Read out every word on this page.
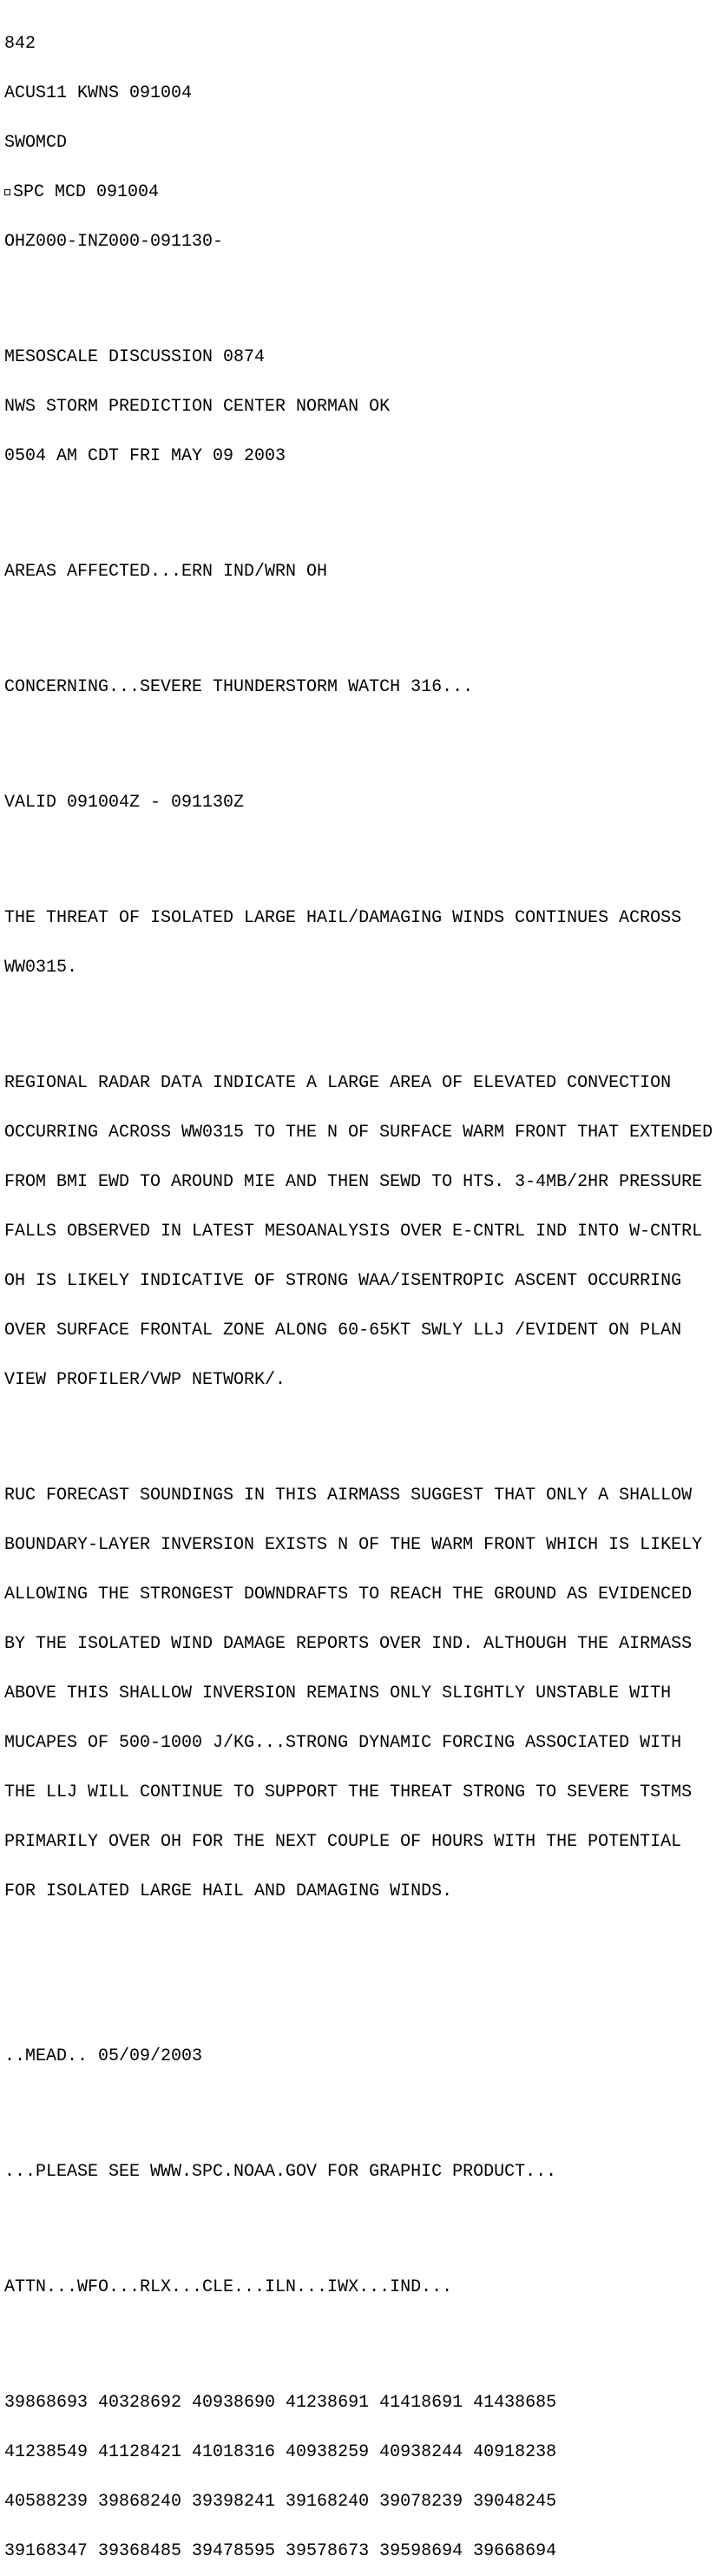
842

ACUS11 KWNS 091004

SWOMCD

SPC MCD 091004

OHZ000-INZ000-091130-

MESOSCALE DISCUSSION 0874

NWS STORM PREDICTION CENTER NORMAN OK

0504 AM CDT FRI MAY 09 2003

AREAS AFFECTED...ERN IND/WRN OH

CONCERNING...SEVERE THUNDERSTORM WATCH 316...

VALID 091004Z - 091130Z

THE THREAT OF ISOLATED LARGE HAIL/DAMAGING WINDS CONTINUES ACROSS

WW0315.

REGIONAL RADAR DATA INDICATE A LARGE AREA OF ELEVATED CONVECTION

OCCURRING ACROSS WW0315 TO THE N OF SURFACE WARM FRONT THAT EXTENDED

FROM BMI EWD TO AROUND MIE AND THEN SEWD TO HTS. 3-4MB/2HR PRESSURE

FALLS OBSERVED IN LATEST MESOANALYSIS OVER E-CNTRL IND INTO W-CNTRL

OH IS LIKELY INDICATIVE OF STRONG WAA/ISENTROPIC ASCENT OCCURRING

OVER SURFACE FRONTAL ZONE ALONG 60-65KT SWLY LLJ /EVIDENT ON PLAN

VIEW PROFILER/VWP NETWORK/.

RUC FORECAST SOUNDINGS IN THIS AIRMASS SUGGEST THAT ONLY A SHALLOW

BOUNDARY-LAYER INVERSION EXISTS N OF THE WARM FRONT WHICH IS LIKELY

ALLOWING THE STRONGEST DOWNDRAFTS TO REACH THE GROUND AS EVIDENCED

BY THE ISOLATED WIND DAMAGE REPORTS OVER IND. ALTHOUGH THE AIRMASS

ABOVE THIS SHALLOW INVERSION REMAINS ONLY SLIGHTLY UNSTABLE WITH

MUCAPES OF 500-1000 J/KG...STRONG DYNAMIC FORCING ASSOCIATED WITH

THE LLJ WILL CONTINUE TO SUPPORT THE THREAT STRONG TO SEVERE TSTMS

PRIMARILY OVER OH FOR THE NEXT COUPLE OF HOURS WITH THE POTENTIAL

FOR ISOLATED LARGE HAIL AND DAMAGING WINDS.

..MEAD.. 05/09/2003

...PLEASE SEE WWW.SPC.NOAA.GOV FOR GRAPHIC PRODUCT...

ATTN...WFO...RLX...CLE...ILN...IWX...IND...

39868693 40328692 40938690 41238691 41418691 41438685

41238549 41128421 41018316 40938259 40938244 40918238

40588239 39868240 39398241 39168240 39078239 39048245

39168347 39368485 39478595 39578673 39598694 39668694
